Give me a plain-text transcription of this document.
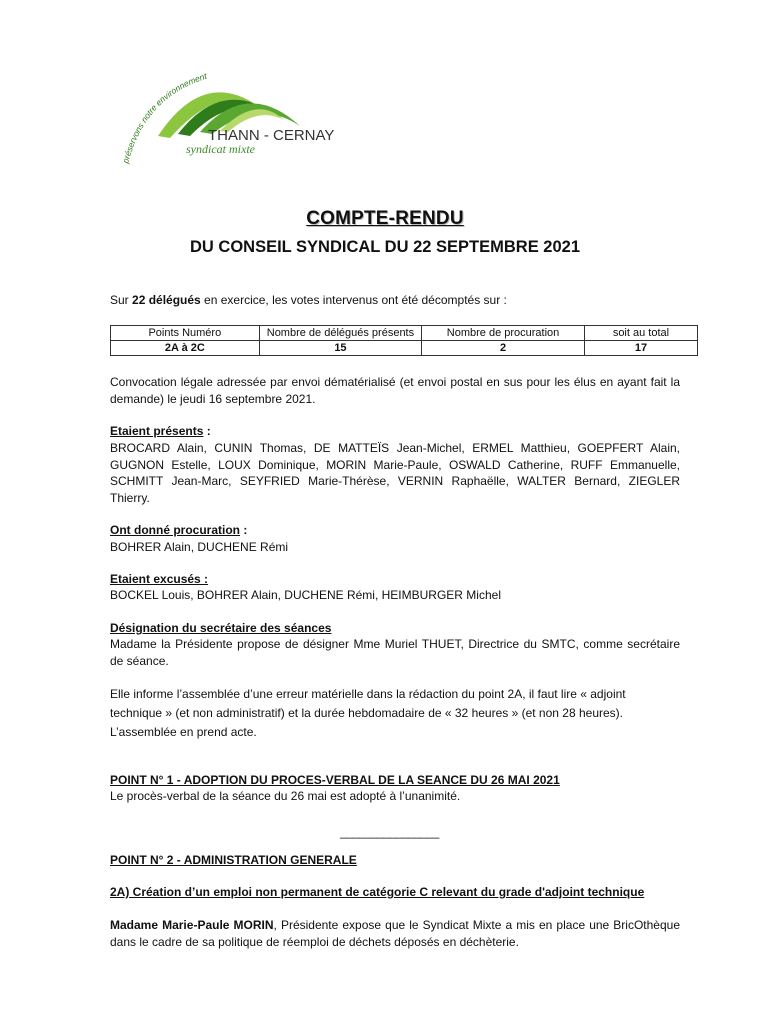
préservons notre environnement
THANN - CERNAY
syndicat mixte
COMPTE-RENDU
DU CONSEIL SYNDICAL DU 22 SEPTEMBRE 2021
Sur 22 délégués en exercice, les votes intervenus ont été décomptés sur :
Points Numéro	Nombre de délégués présents	Nombre de procuration	soit au total
2A à 2C	15	2	17
Convocation légale adressée par envoi dématérialisé (et envoi postal en sus pour les élus en ayant fait la demande) le jeudi 16 septembre 2021.
Etaient présents :
BROCARD Alain, CUNIN Thomas, DE MATTEÏS Jean-Michel, ERMEL Matthieu, GOEPFERT Alain, GUGNON Estelle, LOUX Dominique, MORIN Marie-Paule, OSWALD Catherine, RUFF Emmanuelle, SCHMITT Jean-Marc, SEYFRIED Marie-Thérèse, VERNIN Raphaëlle, WALTER Bernard, ZIEGLER Thierry.
Ont donné procuration :
BOHRER Alain, DUCHENE Rémi
Etaient excusés :
BOCKEL Louis, BOHRER Alain, DUCHENE Rémi, HEIMBURGER Michel
Désignation du secrétaire des séances
Madame la Présidente propose de désigner Mme Muriel THUET, Directrice du SMTC, comme secrétaire de séance.
Elle informe l’assemblée d’une erreur matérielle dans la rédaction du point 2A, il faut lire « adjoint
technique » (et non administratif) et la durée hebdomadaire de « 32 heures » (et non 28 heures).
L’assemblée en prend acte.
POINT N° 1 - ADOPTION DU PROCES-VERBAL DE LA SEANCE DU 26 MAI 2021
Le procès-verbal de la séance du 26 mai est adopté à l’unanimité.
________________
POINT N° 2 - ADMINISTRATION GENERALE
2A) Création d’un emploi non permanent de catégorie C relevant du grade d'adjoint technique
Madame Marie-Paule MORIN, Présidente expose que le Syndicat Mixte a mis en place une BricOthèque dans le cadre de sa politique de réemploi de déchets déposés en déchèterie.
